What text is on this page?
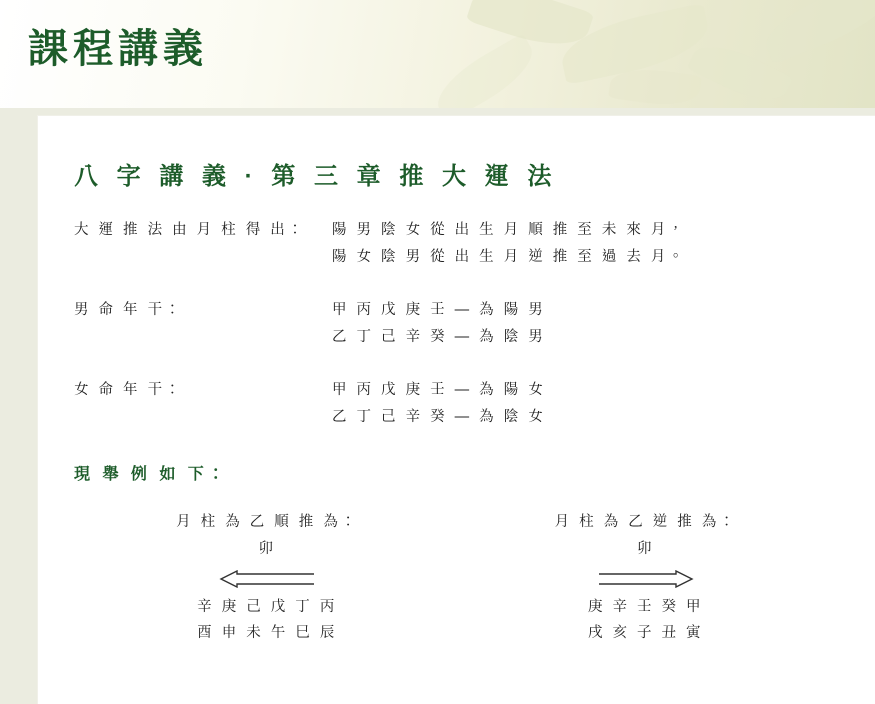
課程講義
八 字 講 義 · 第 三 章 推 大 運 法
大 運 推 法 由 月 柱 得 出：	陽 男 陰 女 從 出 生 月 順 推 至 未 來 月，
陽 女 陰 男 從 出 生 月 逆 推 至 過 去 月。
男 命 年 干：	甲 丙 戊 庚 壬 — 為 陽 男
乙 丁 己 辛 癸 — 為 陰 男
女 命 年 干：	甲 丙 戊 庚 壬 — 為 陽 女
乙 丁 己 辛 癸 — 為 陰 女
現 舉 例 如 下：
月 柱 為 乙 順 推 為：
卯
辛 庚 己 戊 丁 丙
酉 申 未 午 巳 辰
月 柱 為 乙 逆 推 為：
卯
庚 辛 壬 癸 甲
戌 亥 子 丑 寅
